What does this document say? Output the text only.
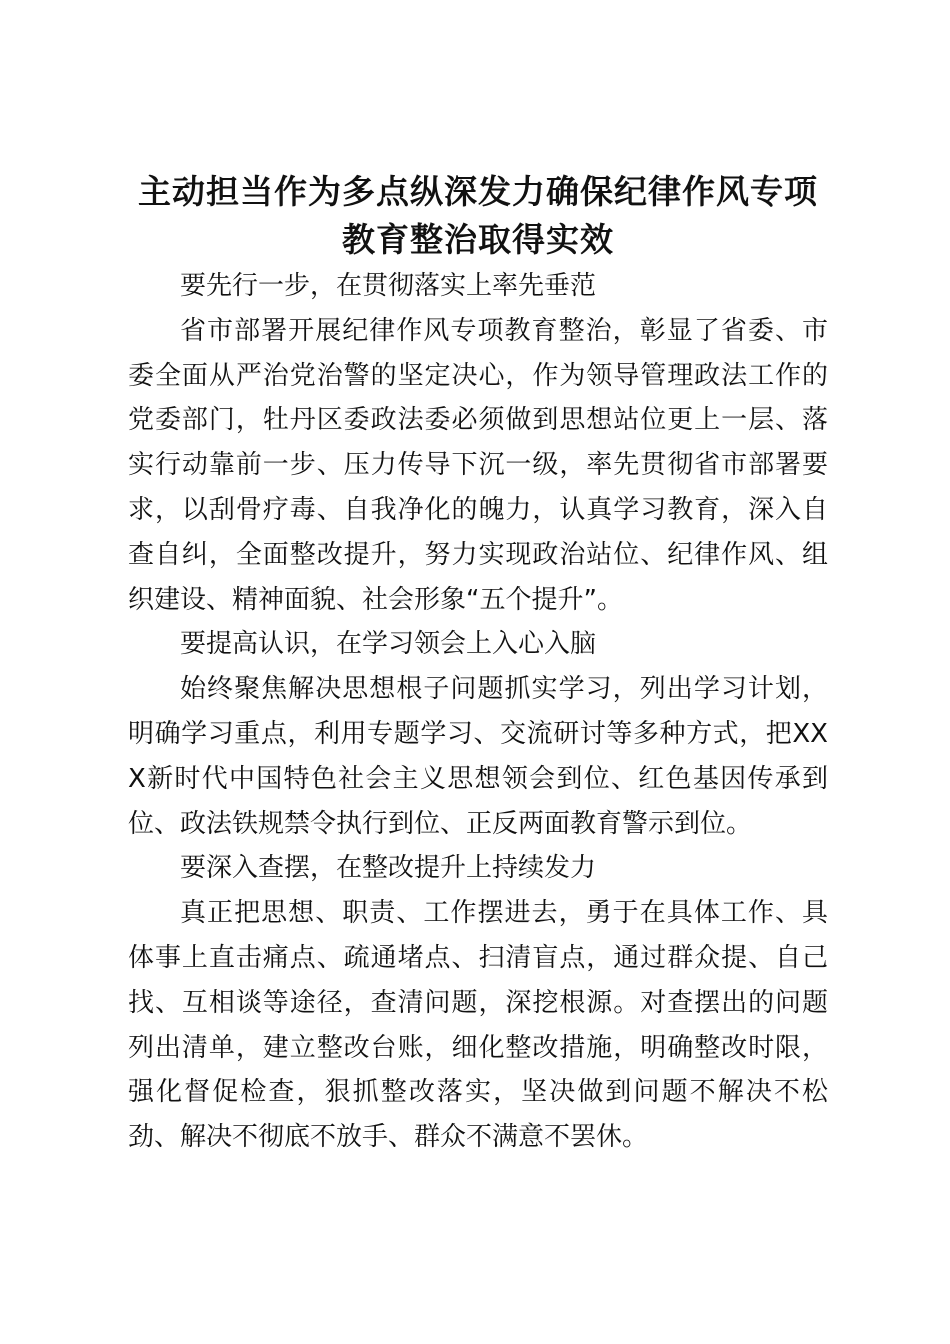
主动担当作为多点纵深发力确保纪律作风专项教育整治取得实效

要先行一步，在贯彻落实上率先垂范

省市部署开展纪律作风专项教育整治，彰显了省委、市委全面从严治党治警的坚定决心，作为领导管理政法工作的党委部门，牡丹区委政法委必须做到思想站位更上一层、落实行动靠前一步、压力传导下沉一级，率先贯彻省市部署要求，以刮骨疗毒、自我净化的魄力，认真学习教育，深入自查自纠，全面整改提升，努力实现政治站位、纪律作风、组织建设、精神面貌、社会形象“五个提升”。

要提高认识，在学习领会上入心入脑

始终聚焦解决思想根子问题抓实学习，列出学习计划，明确学习重点，利用专题学习、交流研讨等多种方式，把XXX新时代中国特色社会主义思想领会到位、红色基因传承到位、政法铁规禁令执行到位、正反两面教育警示到位。

要深入查摆，在整改提升上持续发力

真正把思想、职责、工作摆进去，勇于在具体工作、具体事上直击痛点、疏通堵点、扫清盲点，通过群众提、自己找、互相谈等途径，查清问题，深挖根源。对查摆出的问题列出清单，建立整改台账，细化整改措施，明确整改时限，强化督促检查，狠抓整改落实，坚决做到问题不解决不松劲、解决不彻底不放手、群众不满意不罢休。
